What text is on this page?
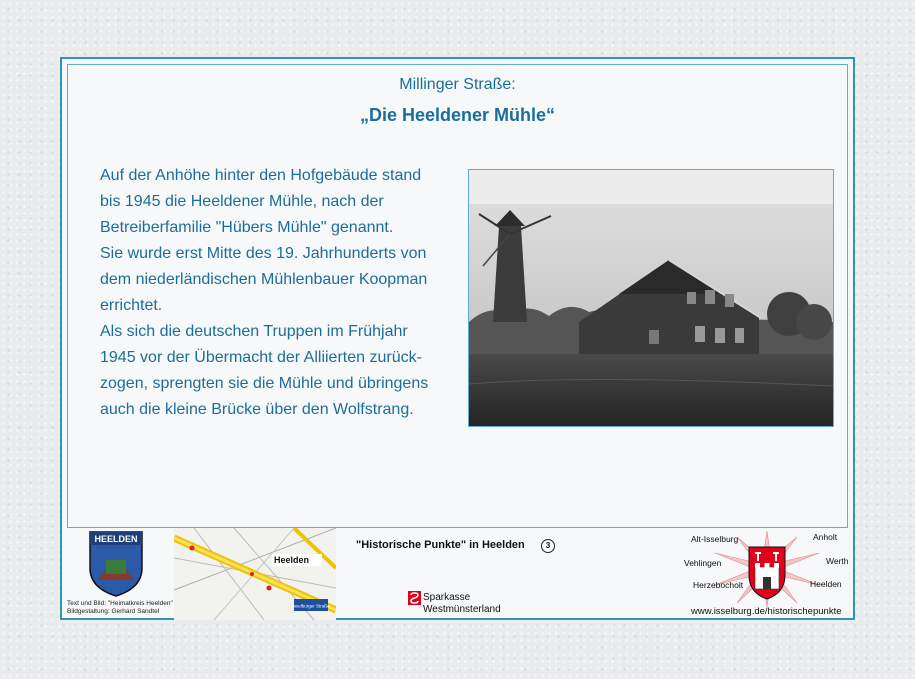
Millinger Straße:
„Die Heeldener Mühle“

Auf der Anhöhe hinter den Hofgebäude stand
bis 1945 die Heeldener Mühle, nach der
Betreiberfamilie "Hübers Mühle" genannt.
Sie wurde erst Mitte des 19. Jahrhunderts von
dem niederländischen Mühlenbauer Koopman
errichtet.
Als sich die deutschen Truppen im Frühjahr
1945 vor der Übermacht der Alliierten zurück-
zogen, sprengten sie die Mühle und übringens
auch die kleine Brücke über den Wolfstrang.

HEELDEN
Text und Bild: "Heimatkreis Heelden"
Bildgestaltung: Gerhard Sandtel
Heelden
Isselburger Straße
"Historische Punkte" in Heelden	3
Sparkasse
Westmünsterland
Alt-Isselburg	Anholt
Vehlingen	Werth
Herzebocholt	Heelden
www.isselburg.de/historischepunkte
